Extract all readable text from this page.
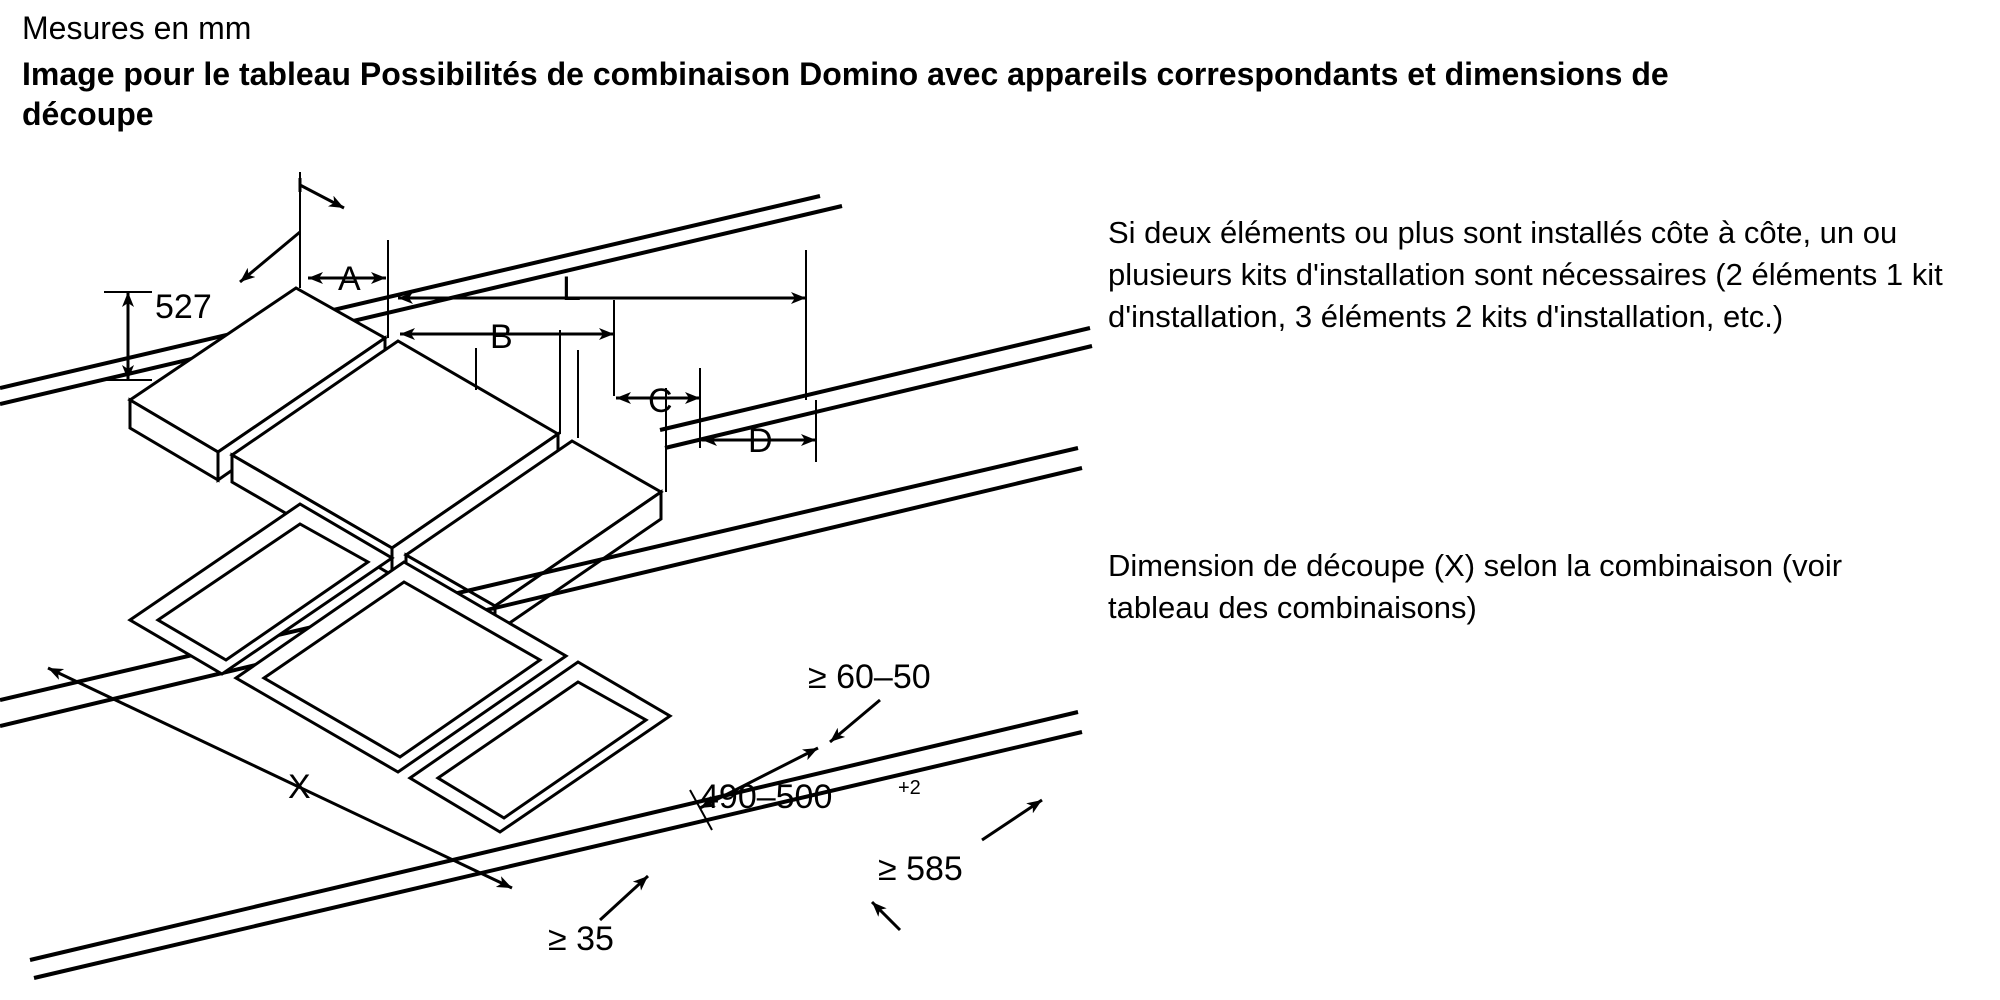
Mesures en mm
Image pour le tableau Possibilités de combinaison Domino avec appareils correspondants et dimensions de découpe
Si deux éléments ou plus sont installés côte à côte, un ou plusieurs kits d'installation sont nécessaires (2 éléments 1 kit d'installation, 3 éléments 2 kits d'installation, etc.)
Dimension de découpe (X) selon la combinaison (voir tableau des combinaisons)
527
A	L
B
C
D
X
≥ 60–50
490–500	+2
≥ 585
≥ 35
